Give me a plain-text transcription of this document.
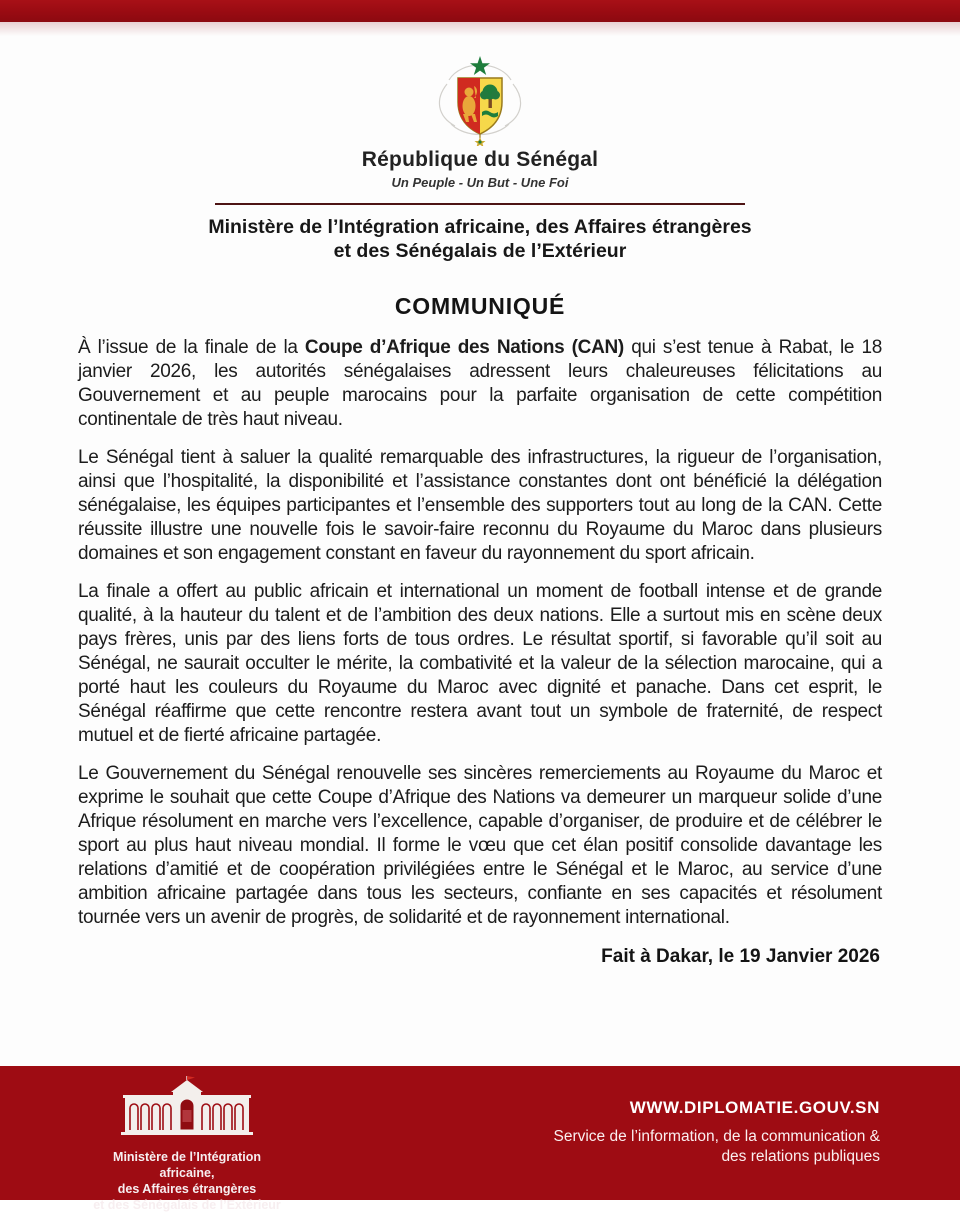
République du Sénégal
Un Peuple - Un But - Une Foi
Ministère de l’Intégration africaine, des Affaires étrangères
et des Sénégalais de l’Extérieur
COMMUNIQUÉ

À l’issue de la finale de la Coupe d’Afrique des Nations (CAN) qui s’est tenue à Rabat, le 18 janvier 2026, les autorités sénégalaises adressent leurs chaleureuses félicitations au Gouvernement et au peuple marocains pour la parfaite organisation de cette compétition continentale de très haut niveau.

Le Sénégal tient à saluer la qualité remarquable des infrastructures, la rigueur de l’organisation, ainsi que l’hospitalité, la disponibilité et l’assistance constantes dont ont bénéficié la délégation sénégalaise, les équipes participantes et l’ensemble des supporters tout au long de la CAN. Cette réussite illustre une nouvelle fois le savoir-faire reconnu du Royaume du Maroc dans plusieurs domaines et son engagement constant en faveur du rayonnement du sport africain.

La finale a offert au public africain et international un moment de football intense et de grande qualité, à la hauteur du talent et de l’ambition des deux nations. Elle a surtout mis en scène deux pays frères, unis par des liens forts de tous ordres. Le résultat sportif, si favorable qu’il soit au Sénégal, ne saurait occulter le mérite, la combativité et la valeur de la sélection marocaine, qui a porté haut les couleurs du Royaume du Maroc avec dignité et panache. Dans cet esprit, le Sénégal réaffirme que cette rencontre restera avant tout un symbole de fraternité, de respect mutuel et de fierté africaine partagée.

Le Gouvernement du Sénégal renouvelle ses sincères remerciements au Royaume du Maroc et exprime le souhait que cette Coupe d’Afrique des Nations va demeurer un marqueur solide d’une Afrique résolument en marche vers l’excellence, capable d’organiser, de produire et de célébrer le sport au plus haut niveau mondial. Il forme le vœu que cet élan positif consolide davantage les relations d’amitié et de coopération privilégiées entre le Sénégal et le Maroc, au service d’une ambition africaine partagée dans tous les secteurs, confiante en ses capacités et résolument tournée vers un avenir de progrès, de solidarité et de rayonnement international.

Fait à Dakar, le 19 Janvier 2026
Ministère de l’Intégration africaine,
des Affaires étrangères
et des Sénégalais de l’Extérieur
WWW.DIPLOMATIE.GOUV.SN
Service de l’information, de la communication &
des relations publiques
